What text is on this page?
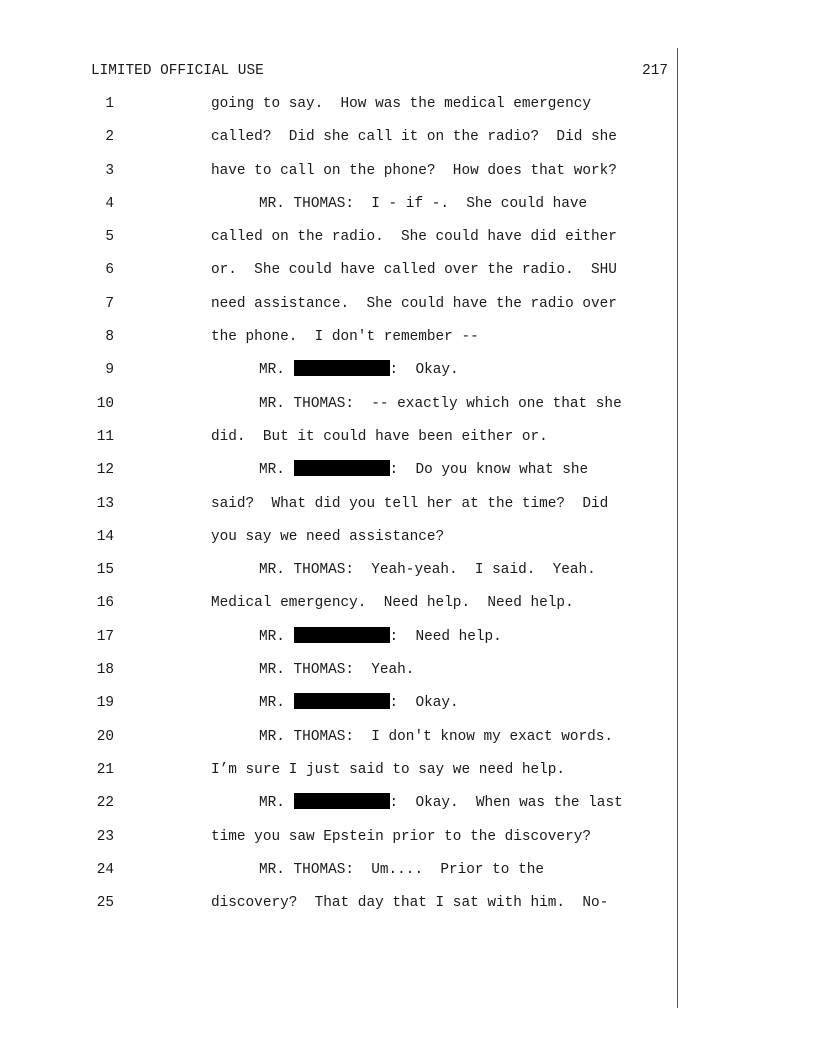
LIMITED OFFICIAL USE	217
1	going to say.  How was the medical emergency
2	called?  Did she call it on the radio?  Did she
3	have to call on the phone?  How does that work?
4	MR. THOMAS:  I - if -.  She could have
5	called on the radio.  She could have did either
6	or.  She could have called over the radio.  SHU
7	need assistance.  She could have the radio over
8	the phone.  I don't remember --
9	MR.	:  Okay.
10	MR. THOMAS:  -- exactly which one that she
11	did.  But it could have been either or.
12	MR.	:  Do you know what she
13	said?  What did you tell her at the time?  Did
14	you say we need assistance?
15	MR. THOMAS:  Yeah-yeah.  I said.  Yeah.
16	Medical emergency.  Need help.  Need help.
17	MR.	:  Need help.
18	MR. THOMAS:  Yeah.
19	MR.	:  Okay.
20	MR. THOMAS:  I don't know my exact words.
21	I’m sure I just said to say we need help.
22	MR.	:  Okay.  When was the last
23	time you saw Epstein prior to the discovery?
24	MR. THOMAS:  Um....  Prior to the
25	discovery?  That day that I sat with him.  No-
